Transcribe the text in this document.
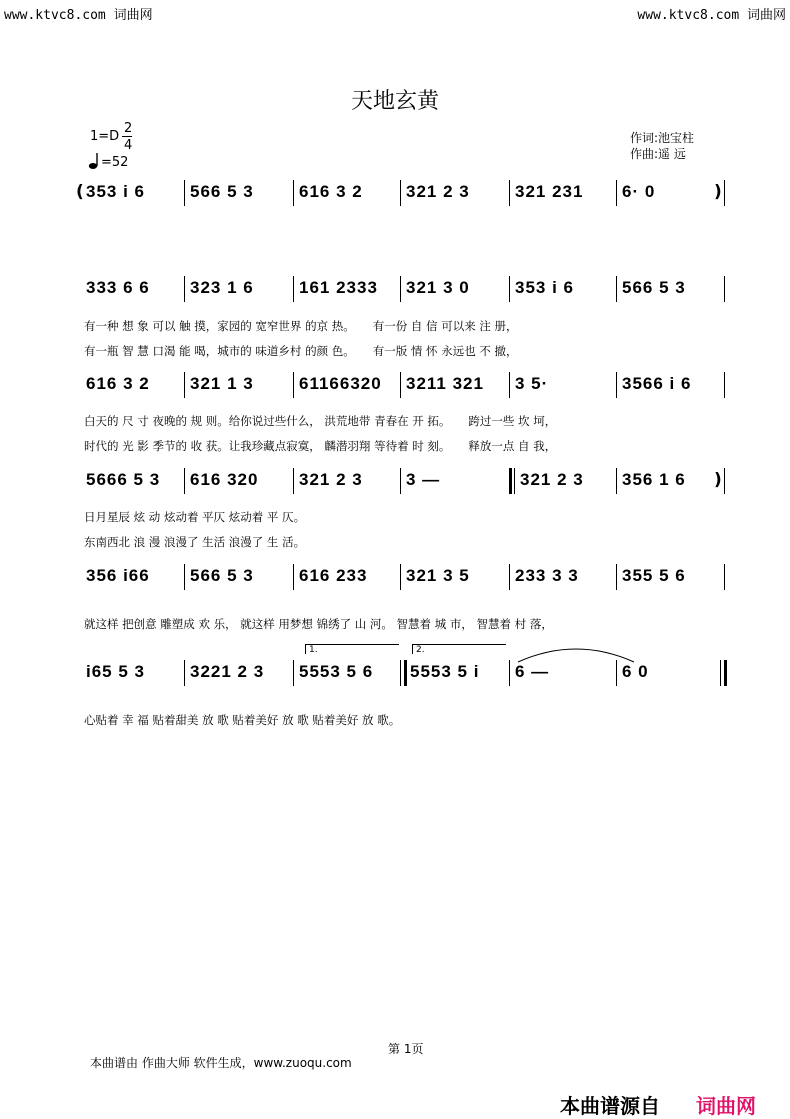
www.ktvc8.com 词曲网	www.ktvc8.com 词曲网
天地玄黄
1=D
2
4
=52
作词:池宝柱
作曲:遥 远
( 353 i 6	566 5 3	616 3 2	321 2 3	321 231 6· 0	)
333 6 6 323 1 6	161 2333 321 3 0	353 i 6	566 5 3
有一种 想 象 可以 触 摸，家园的 宽窄世界 的京 热。 有一份 自 信 可以来 注 册，
有一瓶 智 慧 口渴 能 喝，城市的 味道乡村 的颜 色。 有一版 情 怀 永远也 不 撤，
616 3 2 321 1 3	61166320 3211 321 3 5·	3566 i 6
白天的 尺 寸 夜晚的 规 则。给你说过些什么， 洪荒地带 青春在 开 拓。 跨过一些 坎 坷，
时代的 光 影 季节的 收 获。让我珍藏点寂寞， 麟潜羽翔 等待着 时 刻。 释放一点 自 我，
5666 5 3 616 320 321 2 3	3 —	321 2 3 356 1 6 )
日月星辰 炫 动 炫动着 平仄 炫动着 平 仄。
东南西北 浪 漫 浪漫了 生活 浪漫了 生 活。
356 i66 566 5 3	616 233 321 3 5	233 3 3	355 5 6
就这样 把创意 雕塑成 欢 乐， 就这样 用梦想 锦绣了 山 河。 智慧着 城 市， 智慧着 村 落，
1.	2.
i65 5 3	3221 2 3 5553 5 6 5553 5 i 6 —	6 0
心贴着 幸 福 贴着甜美 放 歌 贴着美好 放 歌 贴着美好 放 歌。
第 1页
本曲谱由 作曲大师 软件生成，www.zuoqu.com
本曲谱源自 词曲网
